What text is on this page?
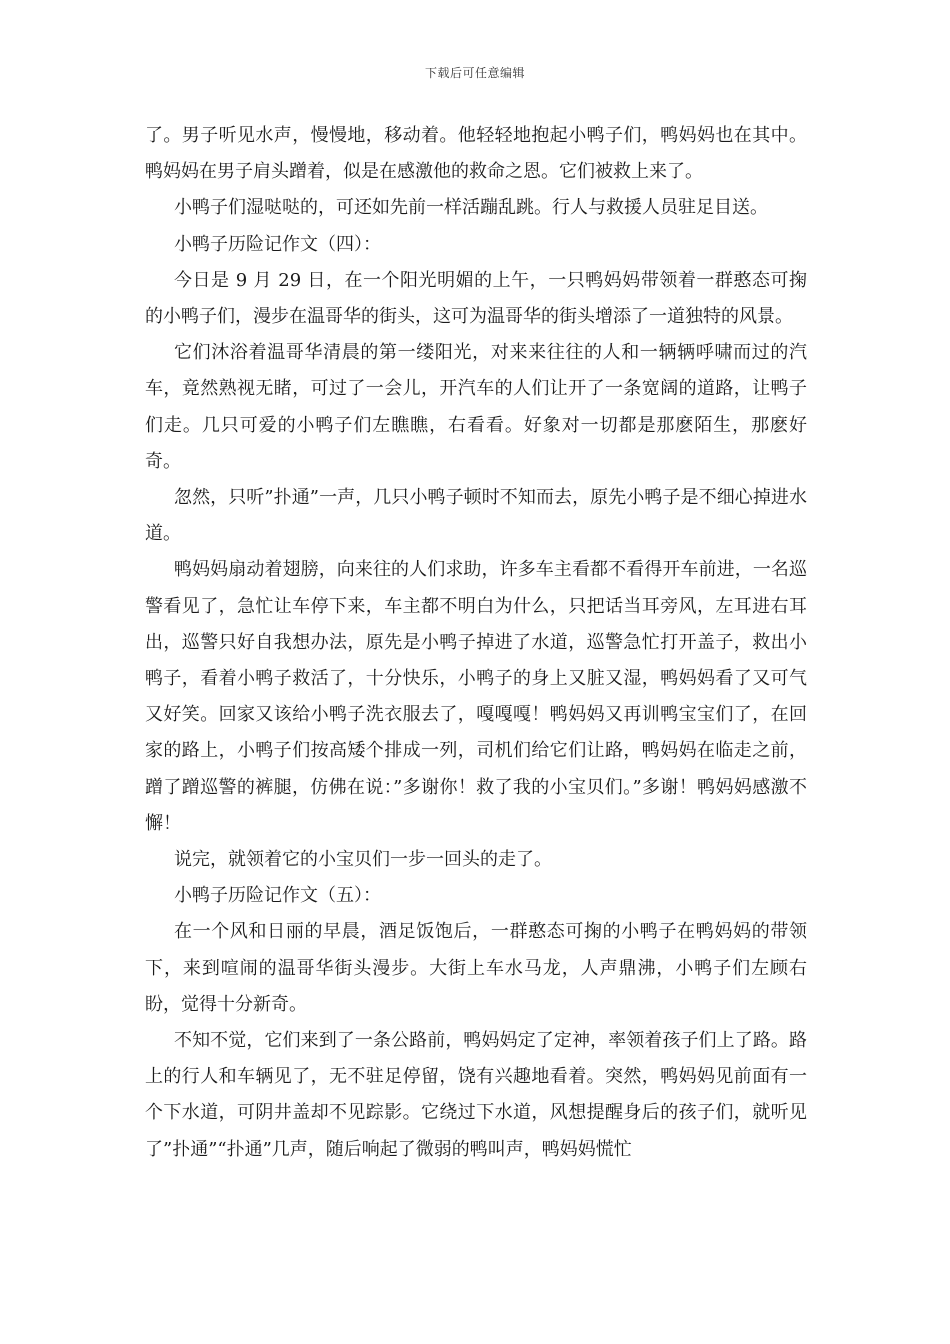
下载后可任意编辑

了。男子听见水声，慢慢地，移动着。他轻轻地抱起小鸭子们，鸭妈妈也在其中。鸭妈妈在男子肩头蹭着，似是在感激他的救命之恩。它们被救上来了。

小鸭子们湿哒哒的，可还如先前一样活蹦乱跳。行人与救援人员驻足目送。

小鸭子历险记作文（四）：

今日是 9 月 29 日，在一个阳光明媚的上午，一只鸭妈妈带领着一群憨态可掬的小鸭子们，漫步在温哥华的街头，这可为温哥华的街头增添了一道独特的风景。

它们沐浴着温哥华清晨的第一缕阳光，对来来往往的人和一辆辆呼啸而过的汽车，竟然熟视无睹，可过了一会儿，开汽车的人们让开了一条宽阔的道路，让鸭子们走。几只可爱的小鸭子们左瞧瞧，右看看。好象对一切都是那麽陌生，那麽好奇。

忽然，只听”扑通”一声，几只小鸭子顿时不知而去，原先小鸭子是不细心掉进水道。

鸭妈妈扇动着翅膀，向来往的人们求助，许多车主看都不看得开车前进，一名巡警看见了，急忙让车停下来，车主都不明白为什么，只把话当耳旁风，左耳进右耳出，巡警只好自我想办法，原先是小鸭子掉进了水道，巡警急忙打开盖子，救出小鸭子，看着小鸭子救活了，十分快乐，小鸭子的身上又脏又湿，鸭妈妈看了又可气又好笑。回家又该给小鸭子洗衣服去了，嘎嘎嘎！鸭妈妈又再训鸭宝宝们了，在回家的路上，小鸭子们按高矮个排成一列，司机们给它们让路，鸭妈妈在临走之前，蹭了蹭巡警的裤腿，仿佛在说：”多谢你！救了我的小宝贝们。”多谢！鸭妈妈感激不懈！

说完，就领着它的小宝贝们一步一回头的走了。

小鸭子历险记作文（五）：

在一个风和日丽的早晨，酒足饭饱后，一群憨态可掬的小鸭子在鸭妈妈的带领下，来到喧闹的温哥华街头漫步。大街上车水马龙，人声鼎沸，小鸭子们左顾右盼，觉得十分新奇。

不知不觉，它们来到了一条公路前，鸭妈妈定了定神，率领着孩子们上了路。路上的行人和车辆见了，无不驻足停留，饶有兴趣地看着。突然，鸭妈妈见前面有一个下水道，可阴井盖却不见踪影。它绕过下水道，风想提醒身后的孩子们，就听见了”扑通”“扑通”几声，随后响起了微弱的鸭叫声，鸭妈妈慌忙
